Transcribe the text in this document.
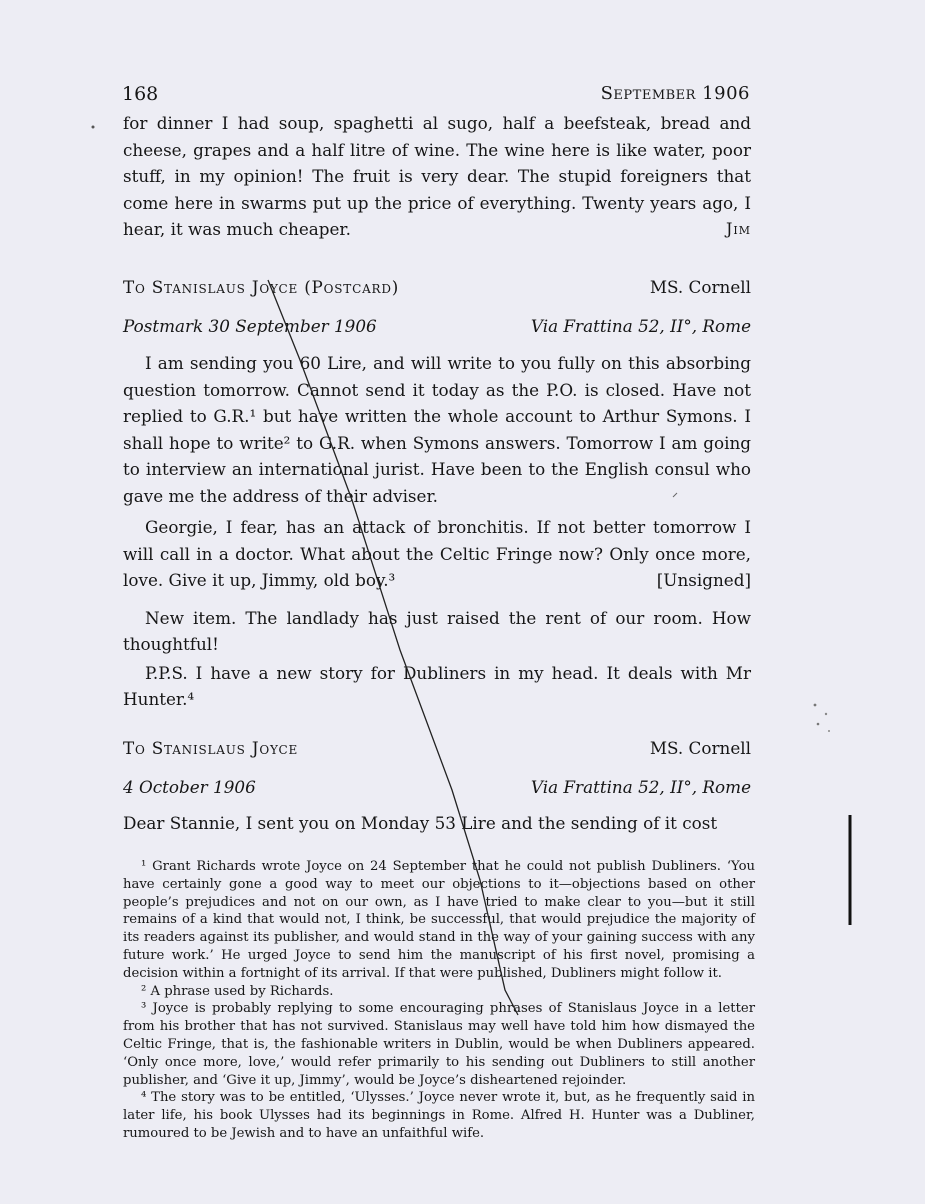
168	September 1906

for dinner I had soup, spaghetti al sugo, half a beefsteak, bread and cheese, grapes and a half litre of wine. The wine here is like water, poor stuff, in my opinion! The fruit is very dear. The stupid foreigners that come here in swarms put up the price of everything. Twenty years ago, I hear, it was much cheaper.	Jim
To Stanislaus Joyce (Postcard)	MS. Cornell
Postmark 30 September 1906	Via Frattina 52, II°, Rome

I am sending you 60 Lire, and will write to you fully on this absorbing question tomorrow. Cannot send it today as the P.O. is closed. Have not replied to G.R.¹ but have written the whole account to Arthur Symons. I shall hope to write² to G.R. when Symons answers. Tomorrow I am going to interview an international jurist. Have been to the English consul who gave me the address of their adviser.

Georgie, I fear, has an attack of bronchitis. If not better tomorrow I will call in a doctor. What about the Celtic Fringe now? Only once more, love. Give it up, Jimmy, old boy.³	[Unsigned]

New item. The landlady has just raised the rent of our room. How thoughtful!

P.P.S. I have a new story for Dubliners in my head. It deals with Mr Hunter.⁴

To Stanislaus Joyce	MS. Cornell
4 October 1906	Via Frattina 52, II°, Rome
Dear Stannie, I sent you on Monday 53 Lire and the sending of it cost

¹ Grant Richards wrote Joyce on 24 September that he could not publish Dubliners. ‘You have certainly gone a good way to meet our objections to it—objections based on other people’s prejudices and not on our own, as I have tried to make clear to you—but it still remains of a kind that would not, I think, be successful, that would prejudice the majority of its readers against its publisher, and would stand in the way of your gaining success with any future work.’ He urged Joyce to send him the manuscript of his first novel, promising a decision within a fortnight of its arrival. If that were published, Dubliners might follow it.

² A phrase used by Richards.

³ Joyce is probably replying to some encouraging phrases of Stanislaus Joyce in a letter from his brother that has not survived. Stanislaus may well have told him how dismayed the Celtic Fringe, that is, the fashionable writers in Dublin, would be when Dubliners appeared. ‘Only once more, love,’ would refer primarily to his sending out Dubliners to still another publisher, and ‘Give it up, Jimmy’, would be Joyce’s disheartened rejoinder.

⁴ The story was to be entitled, ‘Ulysses.’ Joyce never wrote it, but, as he frequently said in later life, his book Ulysses had its beginnings in Rome. Alfred H. Hunter was a Dubliner, rumoured to be Jewish and to have an unfaithful wife.
